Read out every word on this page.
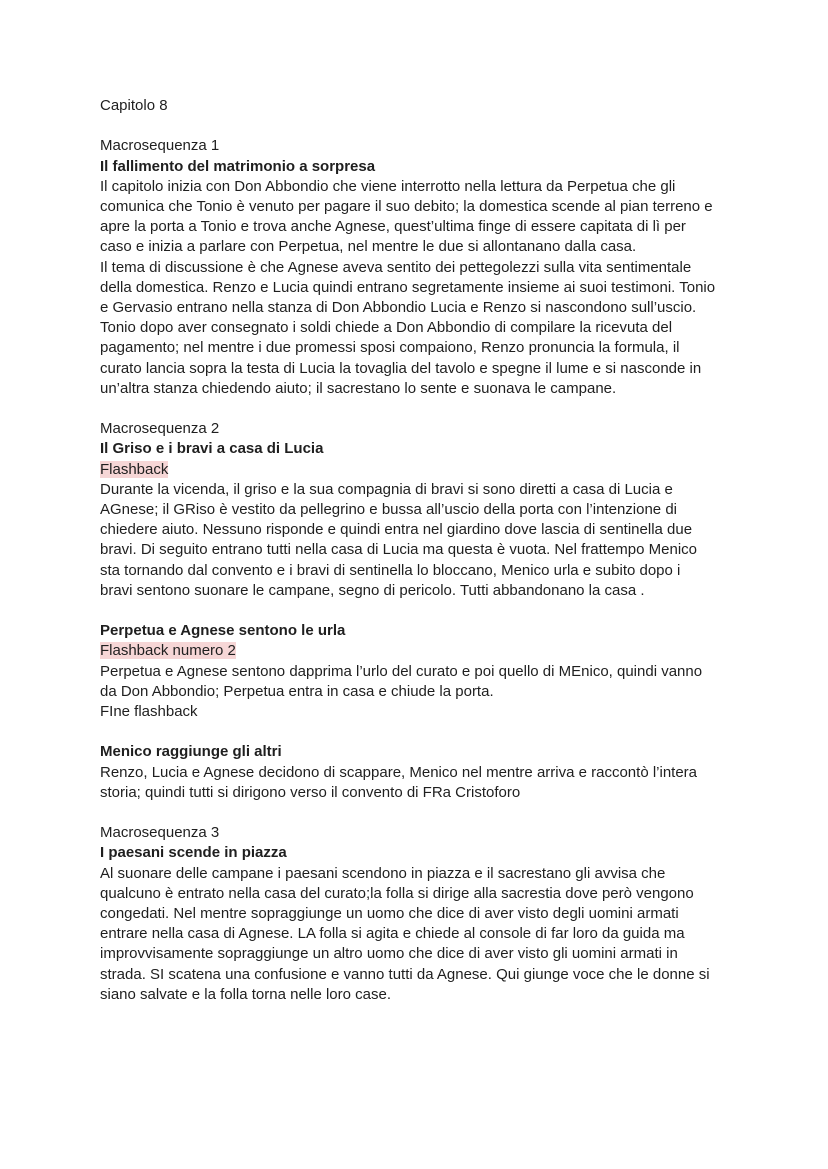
Capitolo 8
Macrosequenza 1
Il fallimento del matrimonio a sorpresa
Il capitolo inizia con Don Abbondio che viene interrotto nella lettura da Perpetua che gli
comunica che Tonio è venuto per pagare il suo debito; la domestica scende al pian terreno e
apre la porta a Tonio e trova anche Agnese, quest’ultima finge di essere capitata di lì per
caso e inizia a parlare con Perpetua, nel mentre le due si allontanano dalla casa.
Il tema di discussione è che Agnese aveva sentito dei pettegolezzi sulla vita sentimentale
della domestica. Renzo e Lucia quindi entrano segretamente insieme ai suoi testimoni. Tonio
e Gervasio entrano nella stanza di Don Abbondio Lucia e Renzo si nascondono sull’uscio.
Tonio dopo aver consegnato i soldi chiede a Don Abbondio di compilare la ricevuta del
pagamento; nel mentre i due promessi sposi compaiono, Renzo pronuncia la formula, il
curato lancia sopra la testa di Lucia la tovaglia del tavolo e spegne il lume e si nasconde in
un’altra stanza chiedendo aiuto; il sacrestano lo sente e suonava le campane.
Macrosequenza 2
Il Griso e i bravi a casa di Lucia
Flashback
Durante la vicenda, il griso e la sua compagnia di bravi si sono diretti a casa di Lucia e
AGnese; il GRiso è vestito da pellegrino e bussa all’uscio della porta con l’intenzione di
chiedere aiuto. Nessuno risponde e quindi entra nel giardino dove lascia di sentinella due
bravi. Di seguito entrano tutti nella casa di Lucia ma questa è vuota. Nel frattempo Menico
sta tornando dal convento e i bravi di sentinella lo bloccano, Menico urla e subito dopo i
bravi sentono suonare le campane, segno di pericolo. Tutti abbandonano la casa .
Perpetua e Agnese sentono le urla
Flashback numero 2
Perpetua e Agnese sentono dapprima l’urlo del curato e poi quello di MEnico, quindi vanno
da Don Abbondio; Perpetua entra in casa e chiude la porta.
FIne flashback
Menico raggiunge gli altri
Renzo, Lucia e Agnese decidono di scappare, Menico nel mentre arriva e raccontò l’intera
storia; quindi tutti si dirigono verso il convento di FRa Cristoforo
Macrosequenza 3
I paesani scende in piazza
Al suonare delle campane i paesani scendono in piazza e il sacrestano gli avvisa che
qualcuno è entrato nella casa del curato;la folla si dirige alla sacrestia dove però vengono
congedati. Nel mentre sopraggiunge un uomo che dice di aver visto degli uomini armati
entrare nella casa di Agnese. LA folla si agita e chiede al console di far loro da guida ma
improvvisamente sopraggiunge un altro uomo che dice di aver visto gli uomini armati in
strada. SI scatena una confusione e vanno tutti da Agnese. Qui giunge voce che le donne si
siano salvate e la folla torna nelle loro case.
